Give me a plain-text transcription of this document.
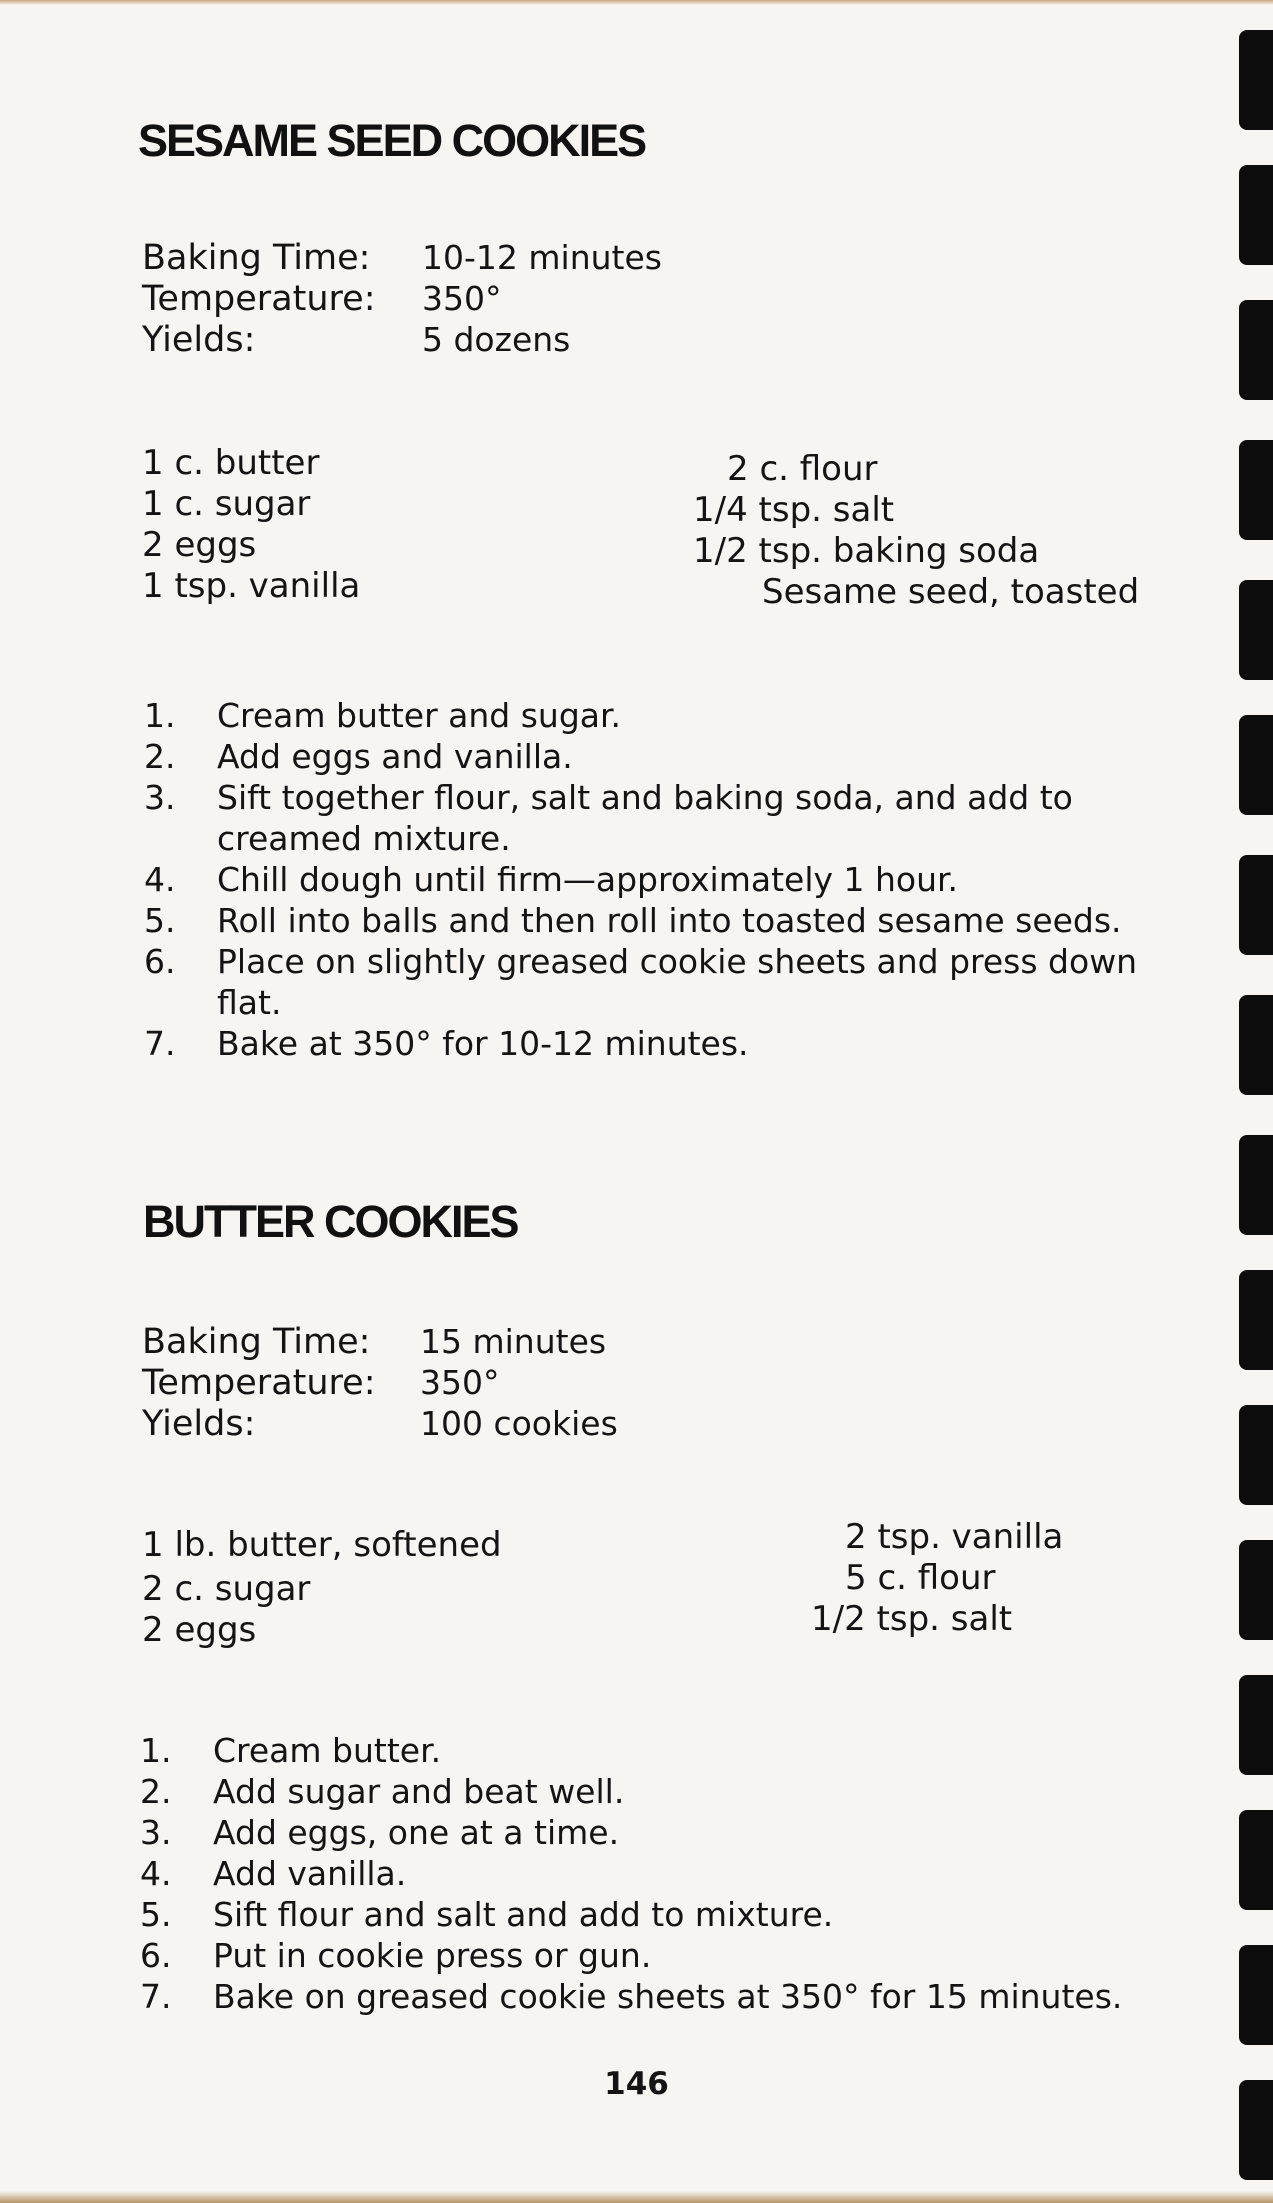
SESAME SEED COOKIES
Baking Time: 10-12 minutes
Temperature: 350°
Yields:	5 dozens
1 c. butter
1 c. sugar
2 eggs
1 tsp. vanilla
2 c. flour
1/4 tsp. salt
1/2 tsp. baking soda
Sesame seed, toasted
1. Cream butter and sugar.
2. Add eggs and vanilla.
3. Sift together flour, salt and baking soda, and add to creamed mixture.
4. Chill dough until firm—approximately 1 hour.
5. Roll into balls and then roll into toasted sesame seeds.
6. Place on slightly greased cookie sheets and press down flat.
7. Bake at 350° for 10-12 minutes.
BUTTER COOKIES
Baking Time: 15 minutes
Temperature: 350°
Yields:	100 cookies
1 lb. butter, softened
2 c. sugar
2 eggs
2 tsp. vanilla
5 c. flour
1/2 tsp. salt
1. Cream butter.
2. Add sugar and beat well.
3. Add eggs, one at a time.
4. Add vanilla.
5. Sift flour and salt and add to mixture.
6. Put in cookie press or gun.
7. Bake on greased cookie sheets at 350° for 15 minutes.
146
